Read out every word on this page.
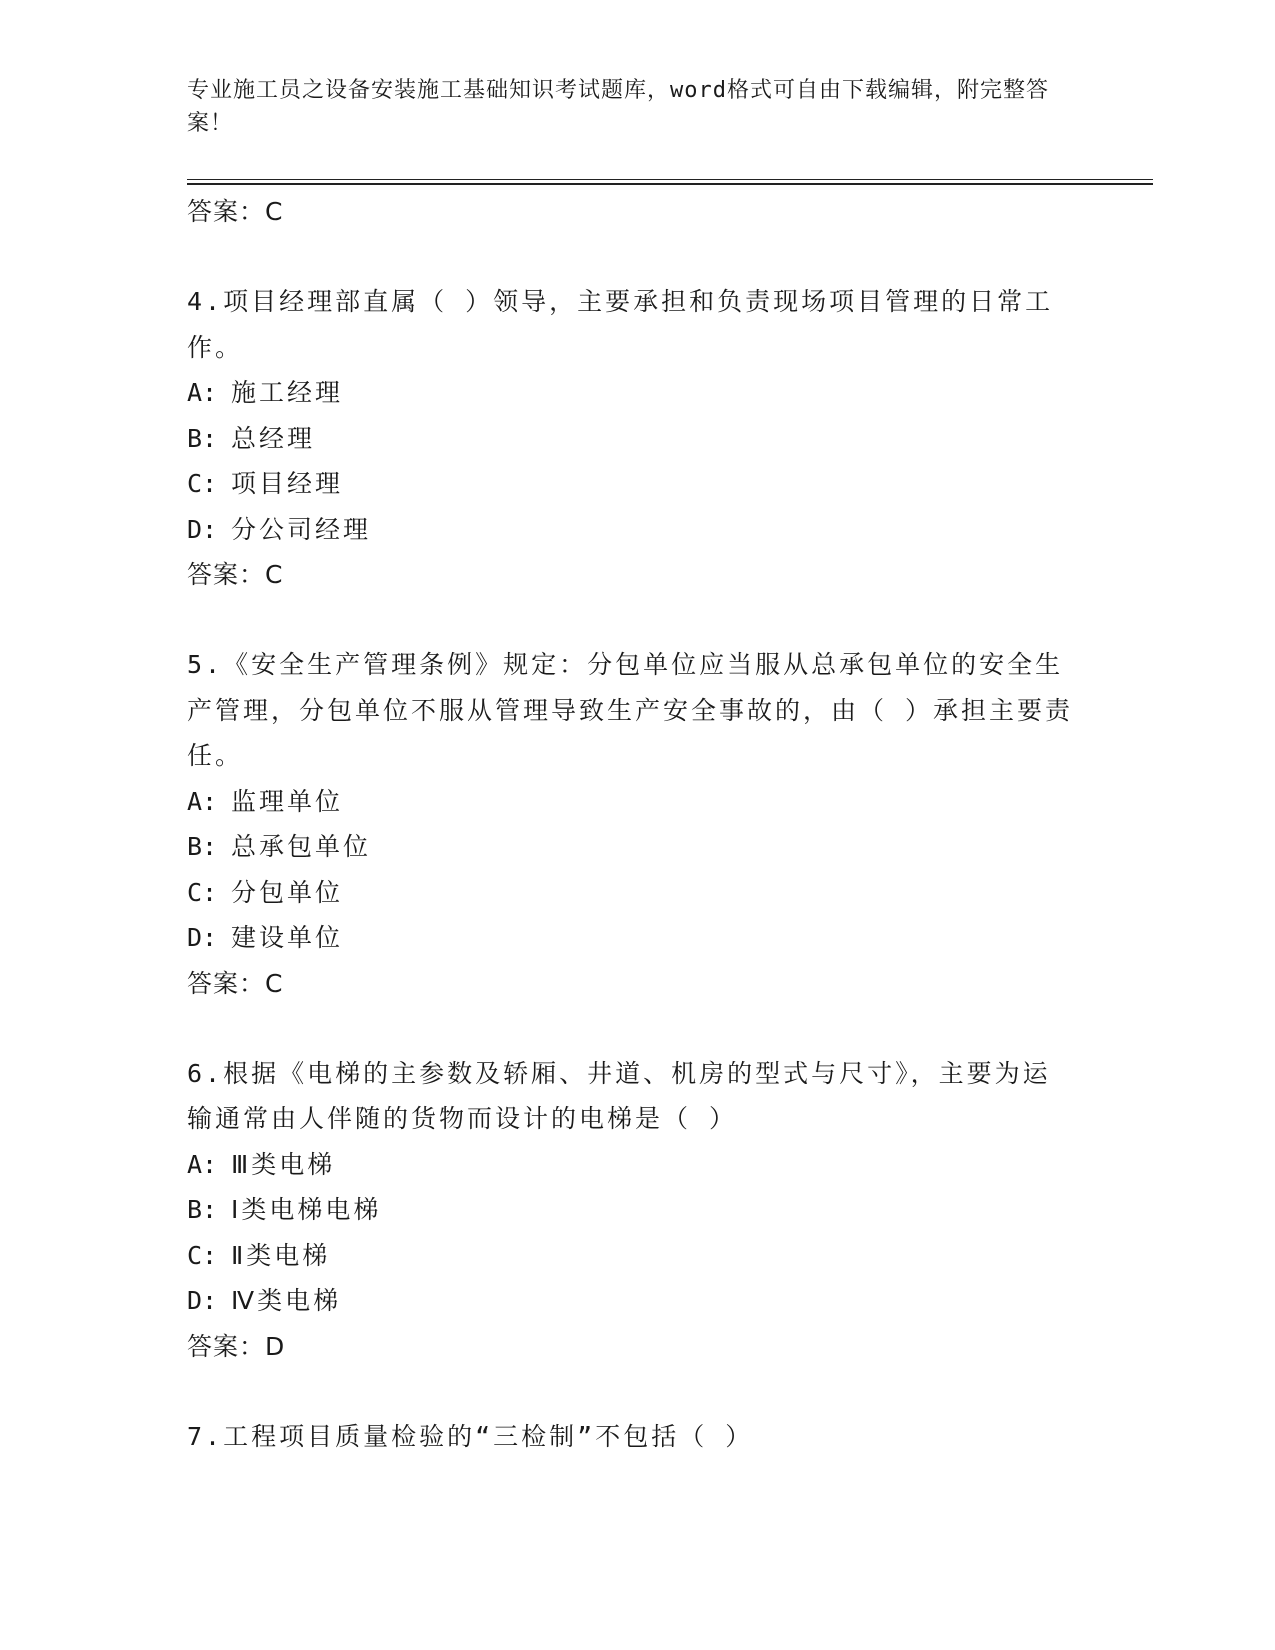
专业施工员之设备安装施工基础知识考试题库，word格式可自由下载编辑，附完整答案！
答案：C
4.项目经理部直属（ ）领导，主要承担和负责现场项目管理的日常工作。
A: 施工经理
B: 总经理
C: 项目经理
D: 分公司经理
答案：C
5.《安全生产管理条例》规定：分包单位应当服从总承包单位的安全生产管理，分包单位不服从管理导致生产安全事故的，由（ ）承担主要责任。
A: 监理单位
B: 总承包单位
C: 分包单位
D: 建设单位
答案：C
6.根据《电梯的主参数及轿厢、井道、机房的型式与尺寸》，主要为运输通常由人伴随的货物而设计的电梯是（ ）
A: Ⅲ类电梯
B: Ⅰ类电梯电梯
C: Ⅱ类电梯
D: Ⅳ类电梯
答案：D
7.工程项目质量检验的“三检制”不包括（ ）
